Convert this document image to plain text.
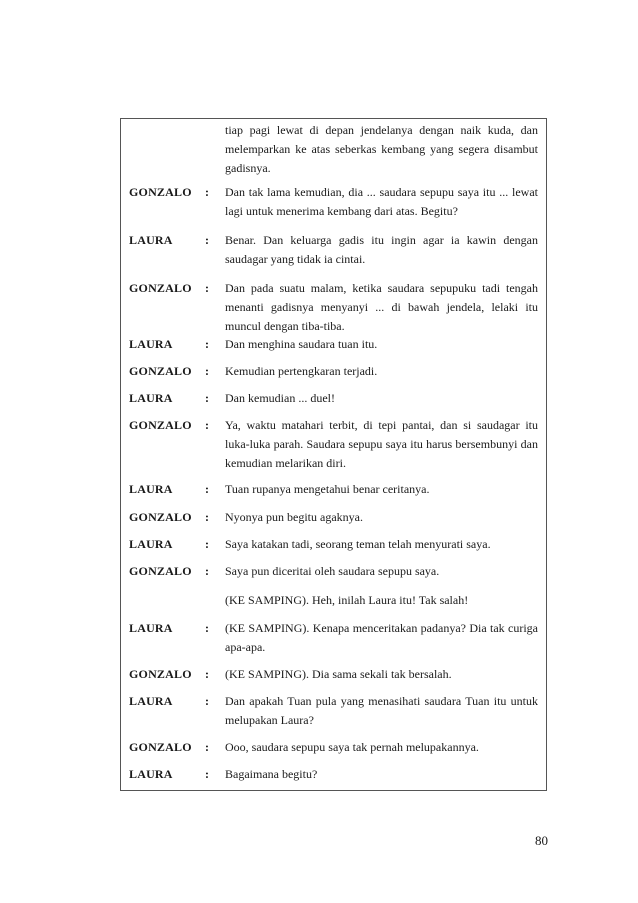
tiap pagi lewat di depan jendelanya dengan naik kuda, dan melemparkan ke atas seberkas kembang yang segera disambut gadisnya.
GONZALO : Dan tak lama kemudian, dia ... saudara sepupu saya itu ... lewat lagi untuk menerima kembang dari atas. Begitu?
LAURA	: Benar. Dan keluarga gadis itu ingin agar ia kawin dengan saudagar yang tidak ia cintai.
GONZALO : Dan pada suatu malam, ketika saudara sepupuku tadi tengah menanti gadisnya menyanyi ... di bawah jendela, lelaki itu muncul dengan tiba-tiba.
LAURA	: Dan menghina saudara tuan itu.
GONZALO : Kemudian pertengkaran terjadi.
LAURA	: Dan kemudian ... duel!
GONZALO : Ya, waktu matahari terbit, di tepi pantai, dan si saudagar itu luka-luka parah. Saudara sepupu saya itu harus bersembunyi dan kemudian melarikan diri.
LAURA	: Tuan rupanya mengetahui benar ceritanya.
GONZALO : Nyonya pun begitu agaknya.
LAURA	: Saya katakan tadi, seorang teman telah menyurati saya.
GONZALO : Saya pun diceritai oleh saudara sepupu saya.
(KE SAMPING). Heh, inilah Laura itu! Tak salah!
LAURA	: (KE SAMPING). Kenapa menceritakan padanya? Dia tak curiga apa-apa.
GONZALO : (KE SAMPING). Dia sama sekali tak bersalah.
LAURA	: Dan apakah Tuan pula yang menasihati saudara Tuan itu untuk melupakan Laura?
GONZALO : Ooo, saudara sepupu saya tak pernah melupakannya.
LAURA	: Bagaimana begitu?
80
